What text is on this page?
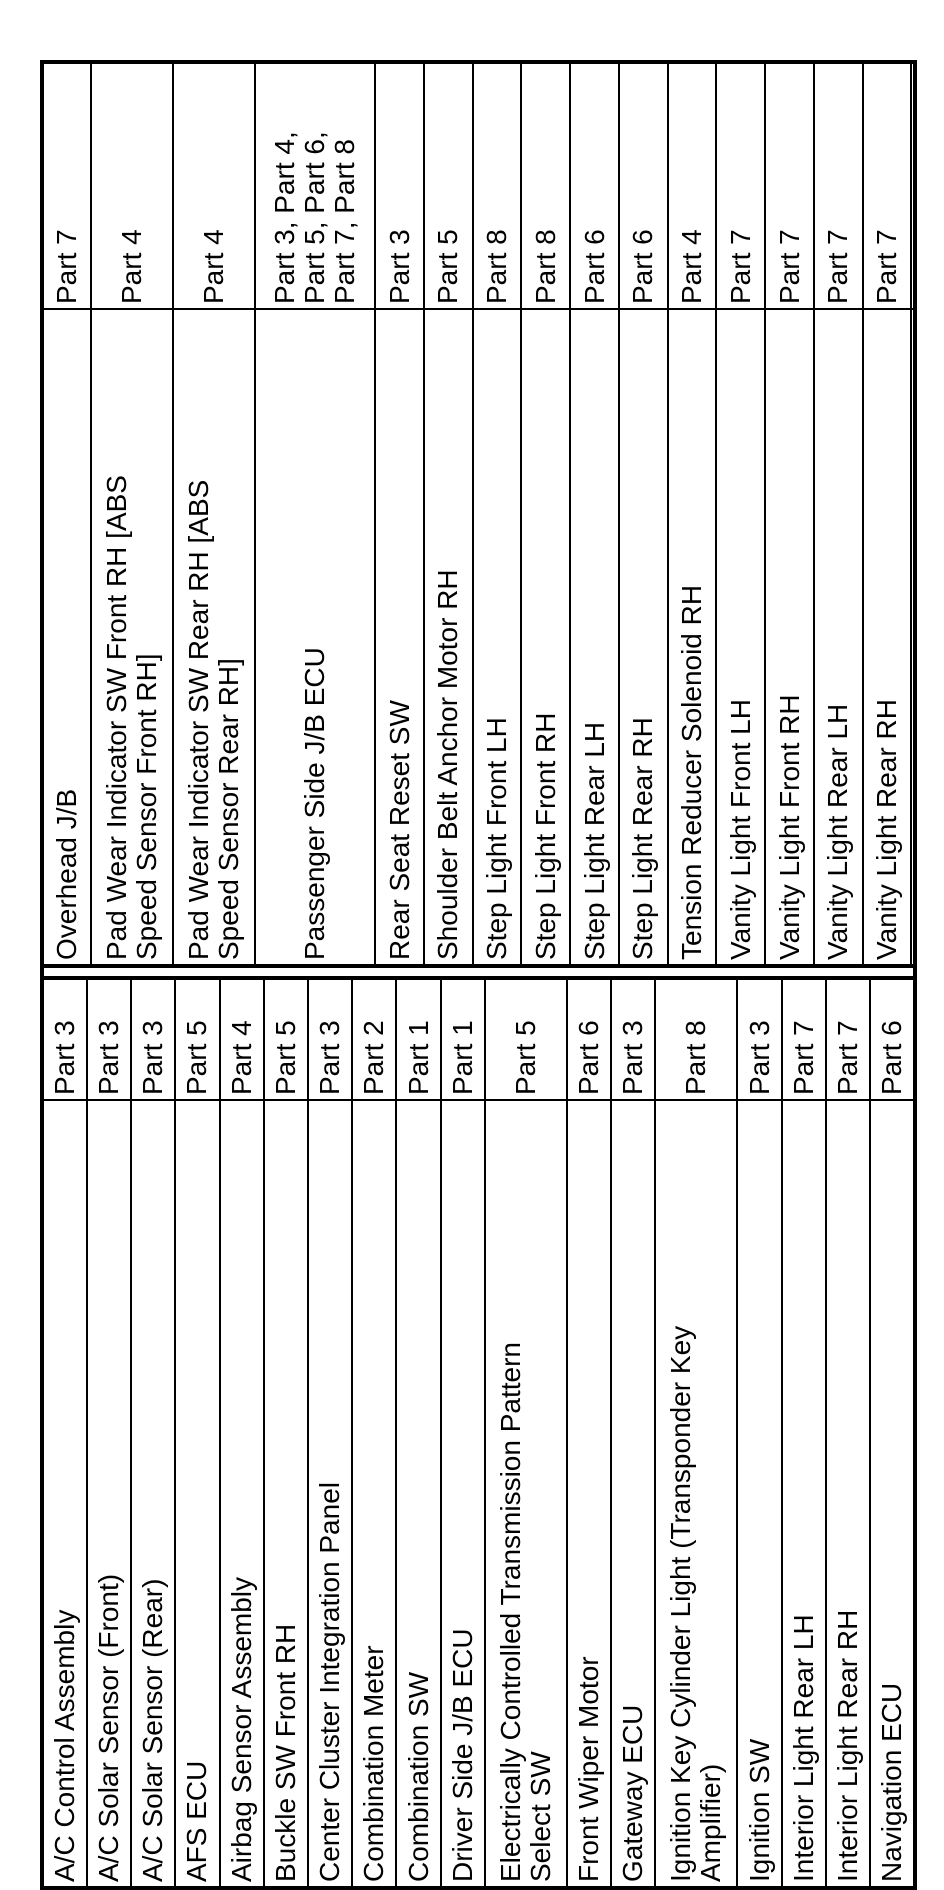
A/C Control Assembly	Part 3
A/C Solar Sensor (Front)	Part 3
A/C Solar Sensor (Rear)	Part 3
AFS ECU	Part 5
Airbag Sensor Assembly	Part 4
Buckle SW Front RH	Part 5
Center Cluster Integration Panel	Part 3
Combination Meter	Part 2
Combination SW	Part 1
Driver Side J/B ECU	Part 1

Electrically Controlled Transmission Pattern Select SW	Part 5
Front Wiper Motor	Part 6
Gateway ECU	Part 3

Ignition Key Cylinder Light (Transponder Key Amplifier)	Part 8
Ignition SW	Part 3
Interior Light Rear LH	Part 7
Interior Light Rear RH	Part 7
Navigation ECU	Part 6
Overhead J/B	Part 7

Pad Wear Indicator SW Front RH [ABS Speed Sensor Front RH]	Part 4

Pad Wear Indicator SW Rear RH [ABS Speed Sensor Rear RH]	Part 4
Passenger Side J/B ECU	Part 3, Part 4, Part 5, Part 6, Part 7, Part 8

Rear Seat Reset SW	Part 3
Shoulder Belt Anchor Motor RH	Part 5
Step Light Front LH	Part 8
Step Light Front RH	Part 8
Step Light Rear LH	Part 6
Step Light Rear RH	Part 6
Tension Reducer Solenoid RH	Part 4
Vanity Light Front LH	Part 7
Vanity Light Front RH	Part 7
Vanity Light Rear LH	Part 7
Vanity Light Rear RH	Part 7
